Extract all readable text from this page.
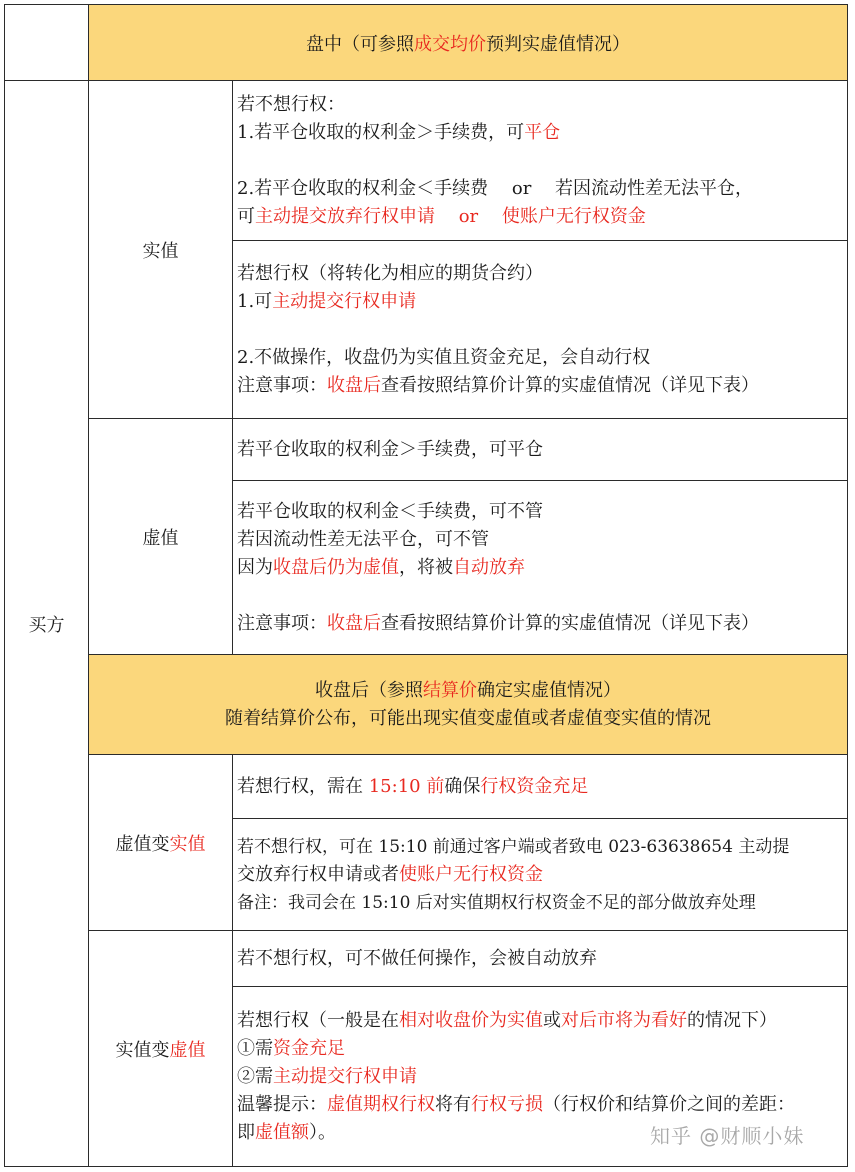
	盘中（可参照成交均价预判实虚值情况）	
买方	实值	若不想行权：
1.若平仓收取的权利金＞手续费，可平仓
2.若平仓收取的权利金＜手续费　 or　 若因流动性差无法平仓，
可主动提交放弃行权申请　 or　 使账户无行权资金

		若想行权（将转化为相应的期货合约）
1.可主动提交行权申请
2.不做操作，收盘仍为实值且资金充足，会自动行权
注意事项：收盘后查看按照结算价计算的实虚值情况（详见下表）

	虚值	若平仓收取的权利金＞手续费，可平仓

		若平仓收取的权利金＜手续费，可不管
若因流动性差无法平仓，可不管
因为收盘后仍为虚值，将被自动放弃
注意事项：收盘后查看按照结算价计算的实虚值情况（详见下表）

	收盘后（参照结算价确定实虚值情况）
随着结算价公布，可能出现实值变虚值或者虚值变实值的情况	

	虚值变实值	若想行权，需在 15:10 前确保行权资金充足

		若不想行权，可在 15:10 前通过客户端或者致电 023-63638654 主动提
交放弃行权申请或者使账户无行权资金
备注：我司会在 15:10 后对实值期权行权资金不足的部分做放弃处理

	实值变虚值	若不想行权，可不做任何操作，会被自动放弃

		若想行权（一般是在相对收盘价为实值或对后市将为看好的情况下）
①需资金充足
②需主动提交行权申请
温馨提示：虚值期权行权将有行权亏损（行权价和结算价之间的差距：
即虚值额）。	知乎 @财顺小妹
